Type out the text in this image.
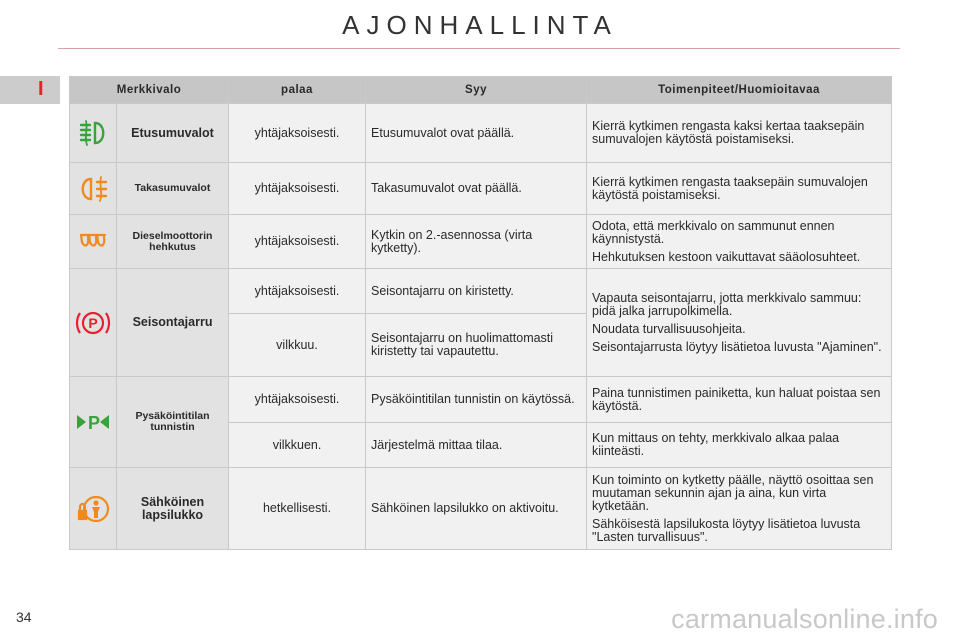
AJONHALLINTA
I	Merkkivalo		palaa	Syy	Toimenpiteet/Huomioitavaa

	Etusumuvalot	yhtäjaksoisesti.	Etusumuvalot ovat päällä.	Kierrä kytkimen rengasta kaksi kertaa taaksepäin sumuvalojen käytöstä poistamiseksi.

	Takasumuvalot	yhtäjaksoisesti.	Takasumuvalot ovat päällä.	Kierrä kytkimen rengasta taaksepäin sumuvalojen käytöstä poistamiseksi.

	Dieselmoottorin hehkutus	yhtäjaksoisesti.	Kytkin on 2.-asennossa (virta kytketty).	Odota, että merkkivalo on sammunut ennen käynnistystä.

Hehkutuksen kestoon vaikuttavat sääolosuhteet.

P	Seisontajarru	yhtäjaksoisesti.	Seisontajarru on kiristetty.	Vapauta seisontajarru, jotta merkkivalo sammuu: pidä jalka jarrupolkimella.

Noudata turvallisuusohjeita.

Seisontajarrusta löytyy lisätietoa luvusta "Ajaminen".

		vilkkuu.	Seisontajarru on huolimattomasti kiristetty tai vapautettu.	

P	Pysäköintitilan tunnistin	yhtäjaksoisesti.	Pysäköintitilan tunnistin on käytössä.	Paina tunnistimen painiketta, kun haluat poistaa sen käytöstä.
		vilkkuen.	Järjestelmä mittaa tilaa.	Kun mittaus on tehty, merkkivalo alkaa palaa kiinteästi.

	Sähköinen lapsilukko	hetkellisesti.	Sähköinen lapsilukko on aktivoitu.	Kun toiminto on kytketty päälle, näyttö osoittaa sen muutaman sekunnin ajan ja aina, kun virta kytketään.

Sähköisestä lapsilukosta löytyy lisätietoa luvusta "Lasten turvallisuus".

34	carmanualsonline.info
